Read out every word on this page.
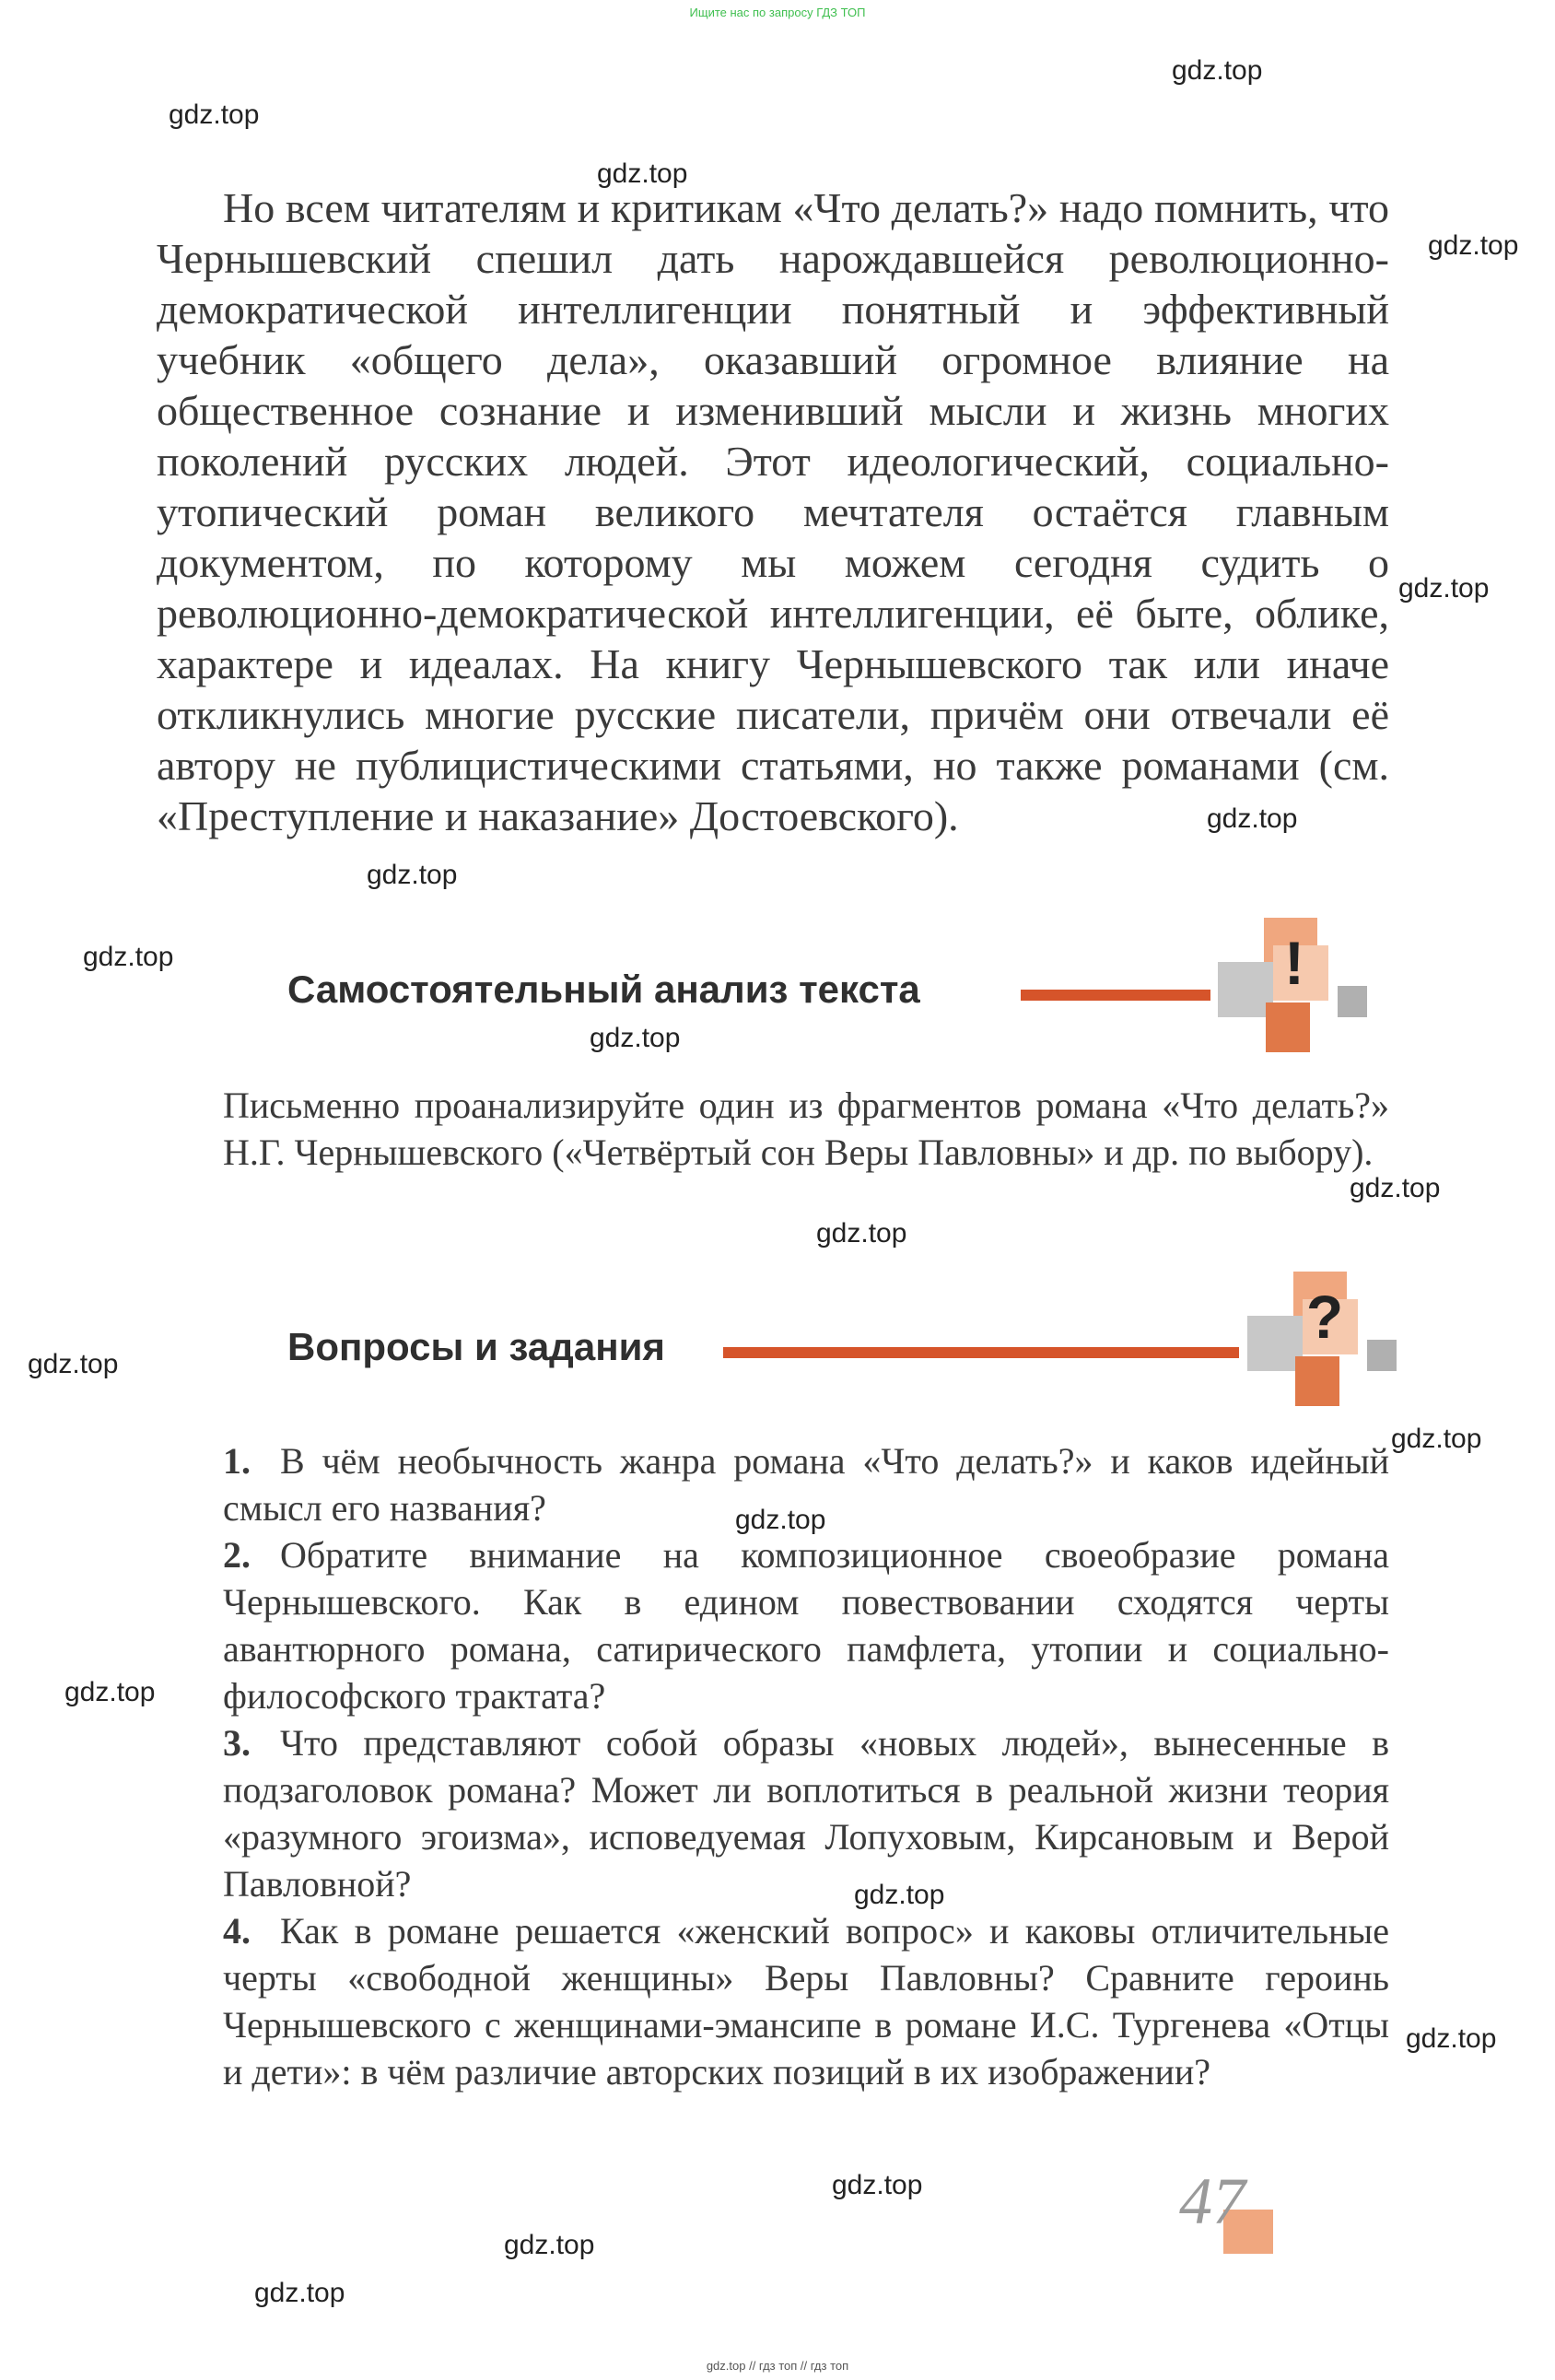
Ищите нас по запросу ГДЗ ТОП
gdz.top
gdz.top
gdz.top
gdz.top
gdz.top
gdz.top
gdz.top
gdz.top
gdz.top
gdz.top
gdz.top
gdz.top
gdz.top
gdz.top
gdz.top
gdz.top
gdz.top
gdz.top
gdz.top
gdz.top
Но всем читателям и критикам «Что делать?» надо помнить, что Чернышевский спешил дать нарождавшейся революционно-демократической интеллигенции понятный и эффективный учебник «общего дела», оказавший огромное влияние на общественное сознание и изменивший мысли и жизнь многих поколений русских людей. Этот идеологический, социально-утопический роман великого мечтателя остаётся главным документом, по которому мы можем сегодня судить о революционно-демократической интеллигенции, её быте, облике, характере и идеалах. На книгу Чернышевского так или иначе откликнулись многие русские писатели, причём они отвечали её автору не публицистическими статьями, но также романами (см. «Преступление и наказание» Достоевского).
Самостоятельный анализ текста	!
Письменно проанализируйте один из фрагментов романа «Что делать?» Н.Г. Чернышевского («Четвёртый сон Веры Павловны» и др. по выбору).
Вопросы и задания	?

1. В чём необычность жанра романа «Что делать?» и каков идейный смысл его названия?

2. Обратите внимание на композиционное своеобразие романа Чернышевского. Как в едином повествовании сходятся черты авантюрного романа, сатирического памфлета, утопии и социально-философского трактата?

3. Что представляют собой образы «новых людей», вынесенные в подзаголовок романа? Может ли воплотиться в реальной жизни теория «разумного эгоизма», исповедуемая Лопуховым, Кирсановым и Верой Павловной?

4. Как в романе решается «женский вопрос» и каковы отличительные черты «свободной женщины» Веры Павловны? Сравните героинь Чернышевского с женщинами-эмансипе в романе И.С. Тургенева «Отцы и дети»: в чём различие авторских позиций в их изображении?

47
gdz.top // гдз топ // гдз топ
